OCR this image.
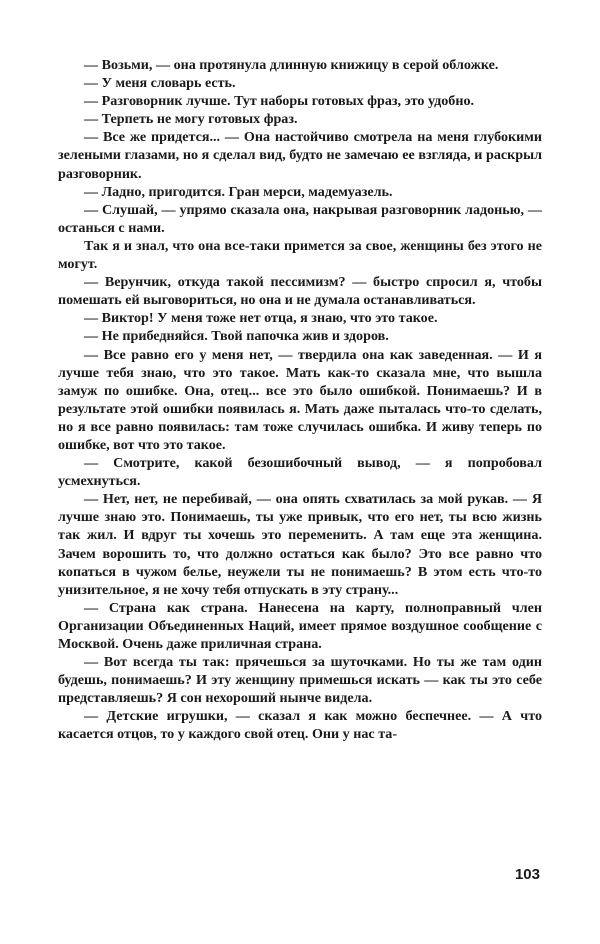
— Возьми, — она протянула длинную книжицу в серой обложке.

— У меня словарь есть.

— Разговорник лучше. Тут наборы готовых фраз, это удобно.

— Терпеть не могу готовых фраз.

— Все же придется... — Она настойчиво смотрела на меня глубокими зелеными глазами, но я сделал вид, будто не замечаю ее взгляда, и раскрыл разговорник.

— Ладно, пригодится. Гран мерси, мадемуазель.

— Слушай, — упрямо сказала она, накрывая разговорник ладонью, — останься с нами.

Так я и знал, что она все-таки примется за свое, женщины без этого не могут.

— Верунчик, откуда такой пессимизм? — быстро спросил я, чтобы помешать ей выговориться, но она и не думала останавливаться.

— Виктор! У меня тоже нет отца, я знаю, что это такое.

— Не прибедняйся. Твой папочка жив и здоров.

— Все равно его у меня нет, — твердила она как заведенная. — И я лучше тебя знаю, что это такое. Мать как-то сказала мне, что вышла замуж по ошибке. Она, отец... все это было ошибкой. Понимаешь? И в результате этой ошибки появилась я. Мать даже пыталась что-то сделать, но я все равно появилась: там тоже случилась ошибка. И живу теперь по ошибке, вот что это такое.

— Смотрите, какой безошибочный вывод, — я попробовал усмехнуться.

— Нет, нет, не перебивай, — она опять схватилась за мой рукав. — Я лучше знаю это. Понимаешь, ты уже привык, что его нет, ты всю жизнь так жил. И вдруг ты хочешь это переменить. А там еще эта женщина. Зачем ворошить то, что должно остаться как было? Это все равно что копаться в чужом белье, неужели ты не понимаешь? В этом есть что-то унизительное, я не хочу тебя отпускать в эту страну...

— Страна как страна. Нанесена на карту, полноправный член Организации Объединенных Наций, имеет прямое воздушное сообщение с Москвой. Очень даже приличная страна.

— Вот всегда ты так: прячешься за шуточками. Но ты же там один будешь, понимаешь? И эту женщину примешься искать — как ты это себе представляешь? Я сон нехороший нынче видела.

— Детские игрушки, — сказал я как можно беспечнее. — А что касается отцов, то у каждого свой отец. Они у нас та-

103
